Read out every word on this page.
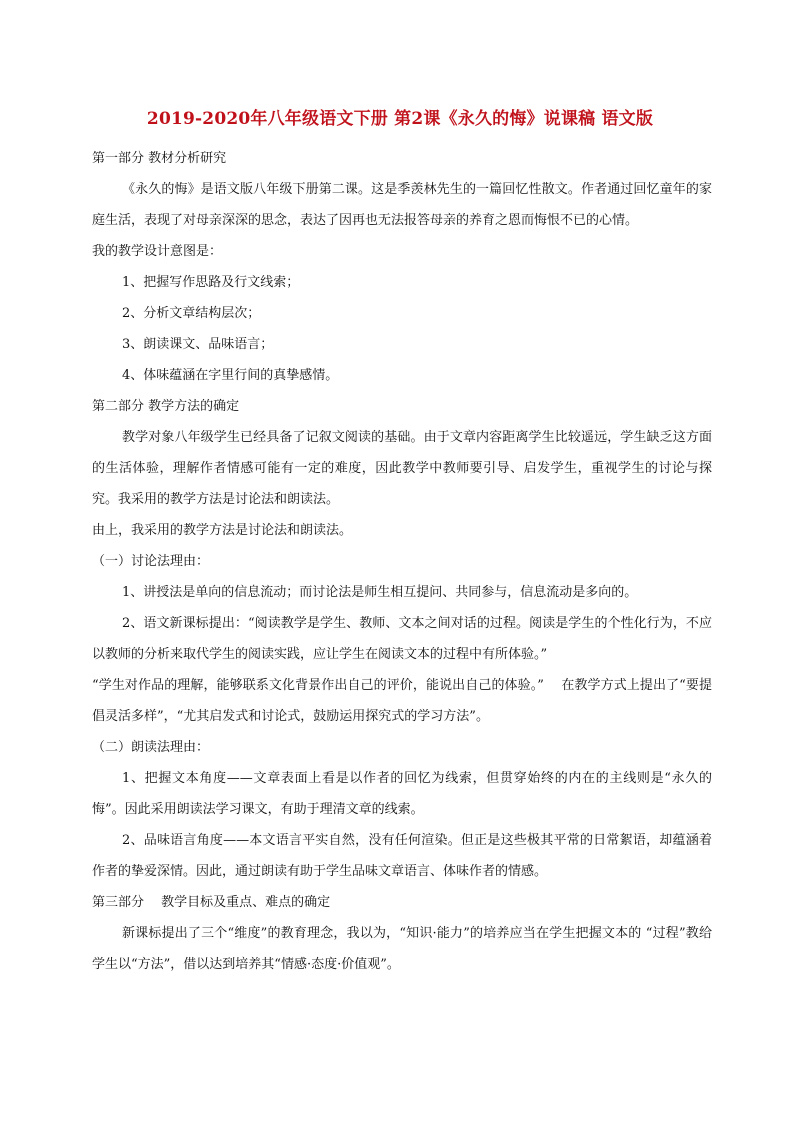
2019-2020年八年级语文下册 第2课《永久的悔》说课稿 语文版

第一部分 教材分析研究

《永久的悔》是语文版八年级下册第二课。这是季羡林先生的一篇回忆性散文。作者通过回忆童年的家庭生活，表现了对母亲深深的思念，表达了因再也无法报答母亲的养育之恩而悔恨不已的心情。

我的教学设计意图是：

1、把握写作思路及行文线索；

2、分析文章结构层次；

3、朗读课文、品味语言；

4、体味蕴涵在字里行间的真挚感情。

第二部分 教学方法的确定

教学对象八年级学生已经具备了记叙文阅读的基础。由于文章内容距离学生比较遥远，学生缺乏这方面的生活体验，理解作者情感可能有一定的难度，因此教学中教师要引导、启发学生，重视学生的讨论与探究。我采用的教学方法是讨论法和朗读法。

由上，我采用的教学方法是讨论法和朗读法。

（一）讨论法理由：

1、讲授法是单向的信息流动；而讨论法是师生相互提问、共同参与，信息流动是多向的。

2、语文新课标提出：“阅读教学是学生、教师、文本之间对话的过程。阅读是学生的个性化行为，不应以教师的分析来取代学生的阅读实践，应让学生在阅读文本的过程中有所体验。”

“学生对作品的理解，能够联系文化背景作出自己的评价，能说出自己的体验。”　 在教学方式上提出了“要提倡灵活多样”，“尤其启发式和讨论式，鼓励运用探究式的学习方法”。

（二）朗读法理由：

1、把握文本角度——文章表面上看是以作者的回忆为线索，但贯穿始终的内在的主线则是“永久的悔”。因此采用朗读法学习课文，有助于理清文章的线索。

2、品味语言角度——本文语言平实自然，没有任何渲染。但正是这些极其平常的日常絮语，却蕴涵着作者的挚爱深情。因此，通过朗读有助于学生品味文章语言、体味作者的情感。

第三部分　 教学目标及重点、难点的确定

新课标提出了三个“维度”的教育理念，我以为，“知识·能力”的培养应当在学生把握文本的 “过程”教给学生以“方法”，借以达到培养其“情感·态度·价值观”。
